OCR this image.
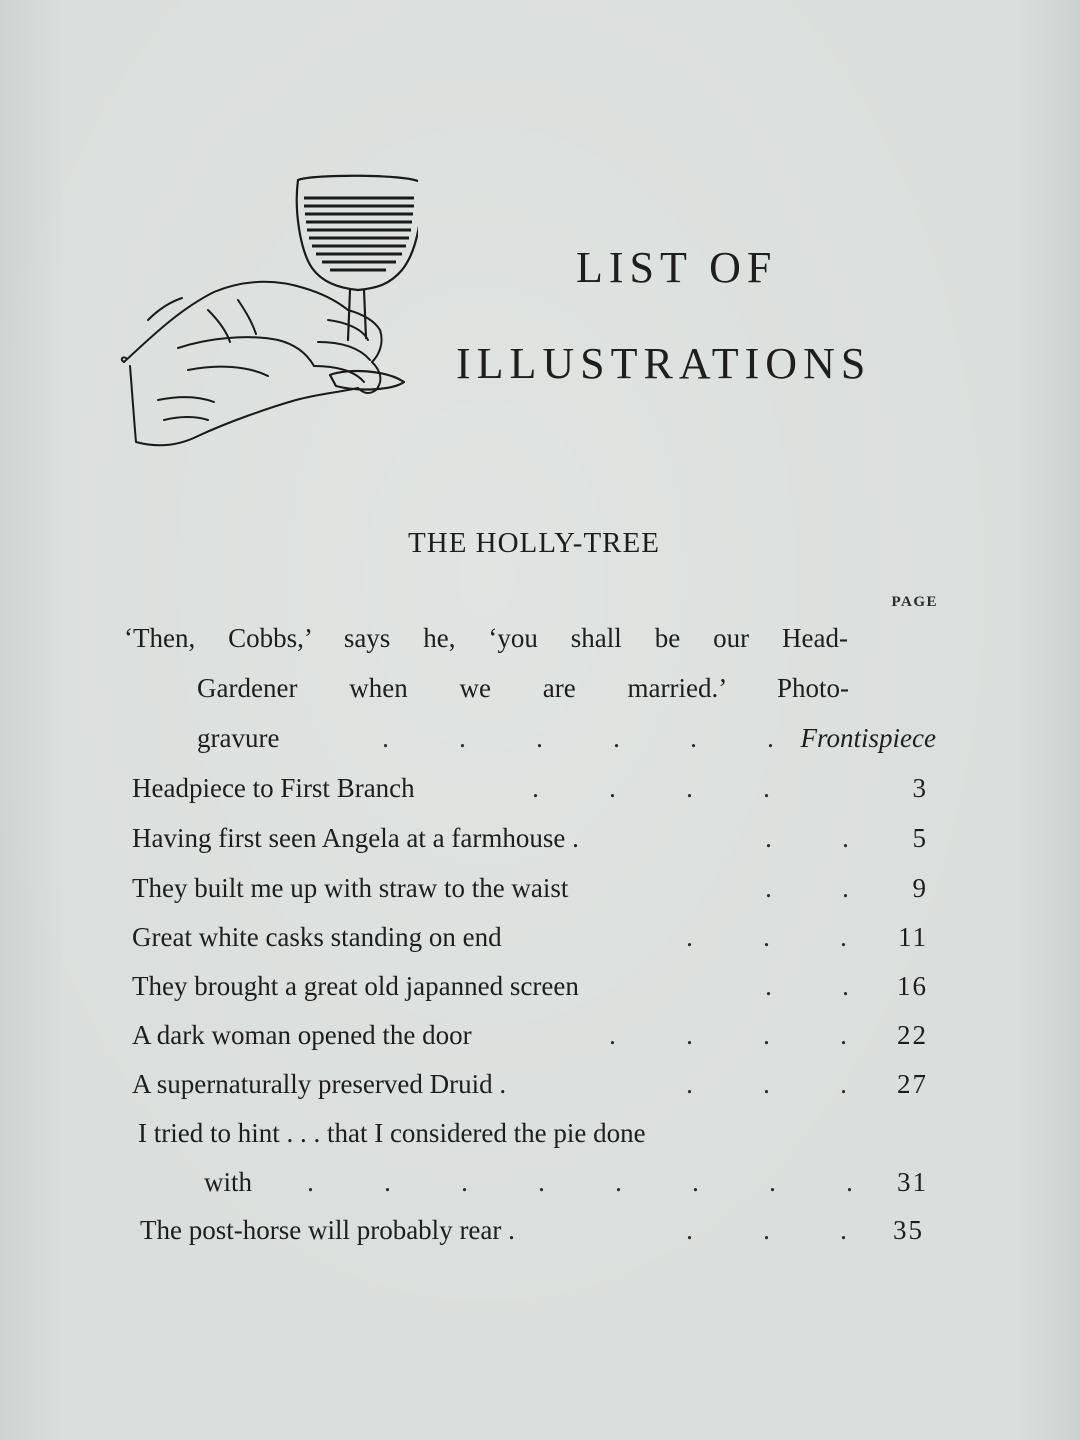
LIST OF
ILLUSTRATIONS
THE HOLLY-TREE
PAGE
‘Then, Cobbs,’ says he, ‘you shall be our Head-
Gardener when we are married.’ Photo-
gravure	.	.	.	.	.	. Frontispiece
Headpiece to First Branch	.	.	.	.	3
Having first seen Angela at a farmhouse .	.	.	5
They built me up with straw to the waist	.	.	9
Great white casks standing on end	.	.	.	11
They brought a great old japanned screen	.	.	16
A dark woman opened the door	.	.	.	.	22
A supernaturally preserved Druid .	.	.	.	27
I tried to hint . . . that I considered the pie done
with	.	.	.	.	.	.	.	.	31
The post-horse will probably rear .	.	.	.	35
